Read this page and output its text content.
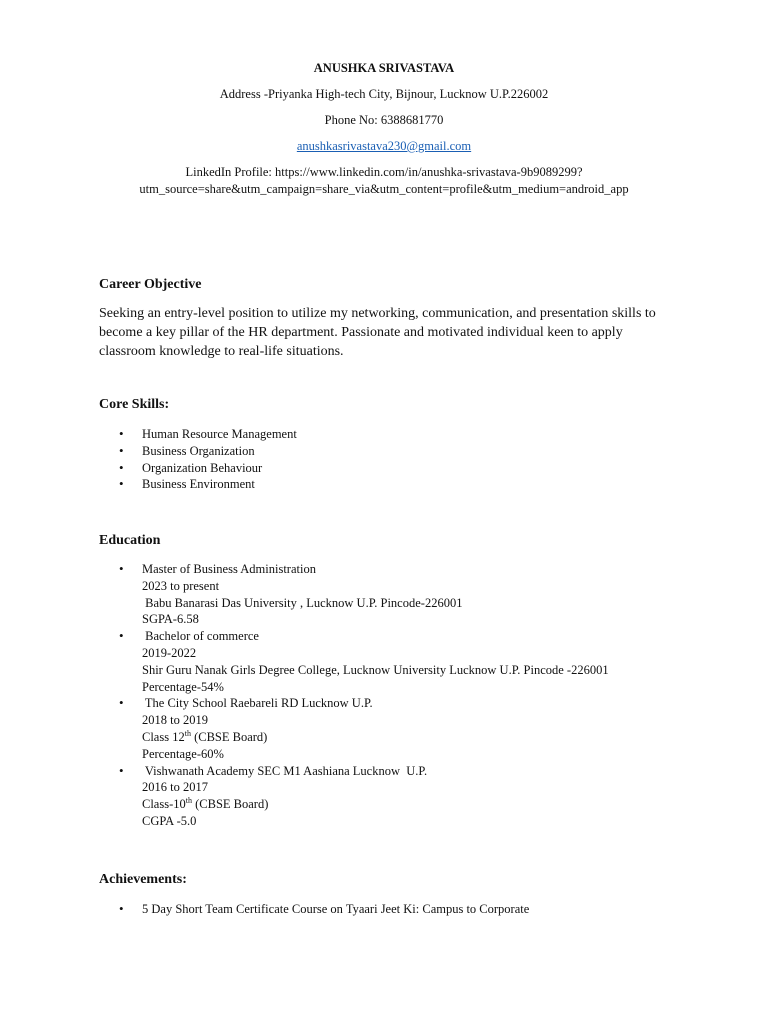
ANUSHKA SRIVASTAVA
Address -Priyanka High-tech City, Bijnour, Lucknow U.P.226002
Phone No: 6388681770
anushkasrivastava230@gmail.com
LinkedIn Profile: https://www.linkedin.com/in/anushka-srivastava-9b9089299?utm_source=share&utm_campaign=share_via&utm_content=profile&utm_medium=android_app
Career Objective
Seeking an entry-level position to utilize my networking, communication, and presentation skills to become a key pillar of the HR department. Passionate and motivated individual keen to apply classroom knowledge to real-life situations.
Core Skills:
• Human Resource Management
• Business Organization
• Organization Behaviour
• Business Environment
Education
• Master of Business Administration
2023 to present
Babu Banarasi Das University , Lucknow U.P. Pincode-226001
SGPA-6.58
•  Bachelor of commerce
2019-2022
Shir Guru Nanak Girls Degree College, Lucknow University Lucknow U.P. Pincode -226001
Percentage-54%
•  The City School Raebareli RD Lucknow U.P.
2018 to 2019
Class 12th (CBSE Board)
Percentage-60%
•  Vishwanath Academy SEC M1 Aashiana Lucknow  U.P.
2016 to 2017
Class-10th (CBSE Board)
CGPA -5.0
Achievements:
• 5 Day Short Team Certificate Course on Tyaari Jeet Ki: Campus to Corporate
